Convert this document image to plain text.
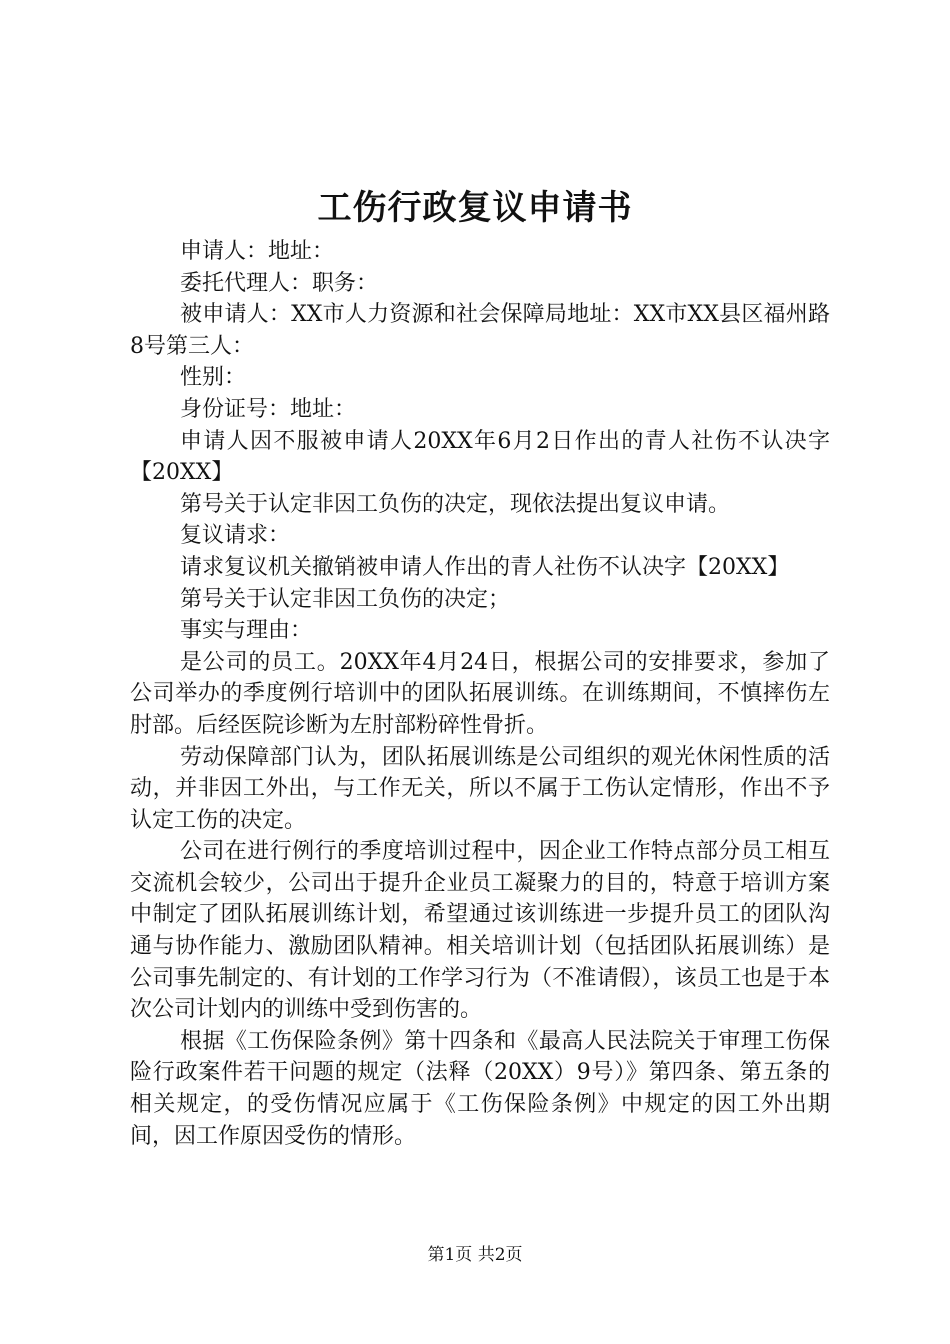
工伤行政复议申请书

申请人：地址：

委托代理人：职务：

被申请人：XX市人力资源和社会保障局地址：XX市XX县区福州路8号第三人：

性别：

身份证号：地址：

申请人因不服被申请人20XX年6月2日作出的青人社伤不认决字【20XX】

第号关于认定非因工负伤的决定，现依法提出复议申请。

复议请求：

请求复议机关撤销被申请人作出的青人社伤不认决字【20XX】

第号关于认定非因工负伤的决定；

事实与理由：

是公司的员工。20XX年4月24日，根据公司的安排要求，参加了公司举办的季度例行培训中的团队拓展训练。在训练期间，不慎摔伤左肘部。后经医院诊断为左肘部粉碎性骨折。

劳动保障部门认为，团队拓展训练是公司组织的观光休闲性质的活动，并非因工外出，与工作无关，所以不属于工伤认定情形，作出不予认定工伤的决定。

公司在进行例行的季度培训过程中，因企业工作特点部分员工相互交流机会较少，公司出于提升企业员工凝聚力的目的，特意于培训方案中制定了团队拓展训练计划，希望通过该训练进一步提升员工的团队沟通与协作能力、激励团队精神。相关培训计划（包括团队拓展训练）是公司事先制定的、有计划的工作学习行为（不准请假），该员工也是于本次公司计划内的训练中受到伤害的。

根据《工伤保险条例》第十四条和《最高人民法院关于审理工伤保险行政案件若干问题的规定（法释（20XX）9号）》第四条、第五条的相关规定，的受伤情况应属于《工伤保险条例》中规定的因工外出期间，因工作原因受伤的情形。

第1页 共2页
